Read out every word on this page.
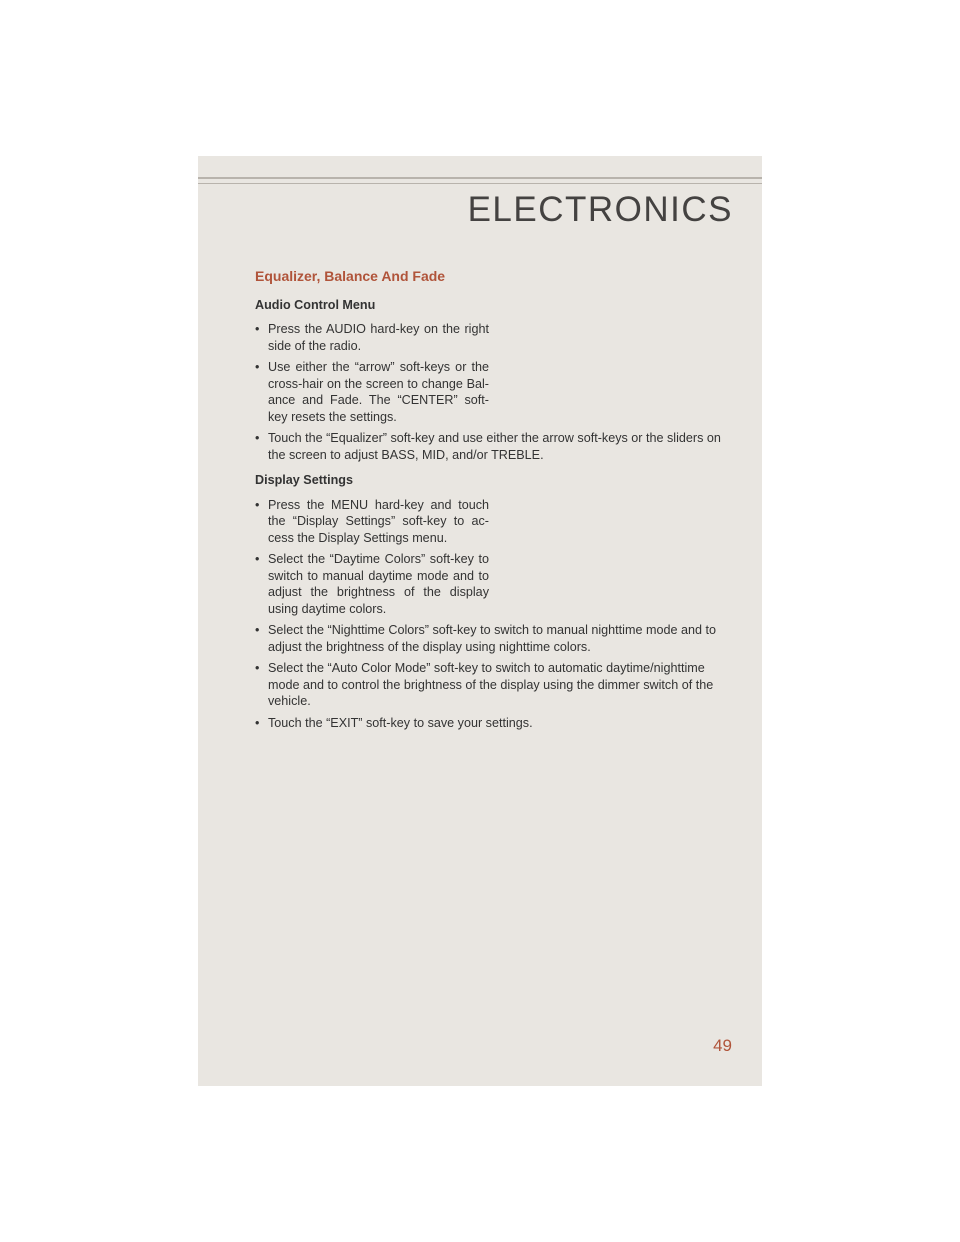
ELECTRONICS
Equalizer, Balance And Fade
Audio Control Menu
• Press the AUDIO hard-key on the right side of the radio.
• Use either the “arrow” soft-keys or the cross-hair on the screen to change Bal-ance and Fade. The “CENTER” soft-key resets the settings.
• Touch the “Equalizer” soft-key and use either the arrow soft-keys or the sliders on the screen to adjust BASS, MID, and/or TREBLE.
Display Settings
• Press the MENU hard-key and touch the “Display Settings” soft-key to ac-cess the Display Settings menu.
• Select the “Daytime Colors” soft-key to switch to manual daytime mode and to adjust the brightness of the display using daytime colors.
• Select the “Nighttime Colors” soft-key to switch to manual nighttime mode and to adjust the brightness of the display using nighttime colors.
• Select the “Auto Color Mode” soft-key to switch to automatic daytime/nighttime mode and to control the brightness of the display using the dimmer switch of the vehicle.
• Touch the “EXIT” soft-key to save your settings.
49
